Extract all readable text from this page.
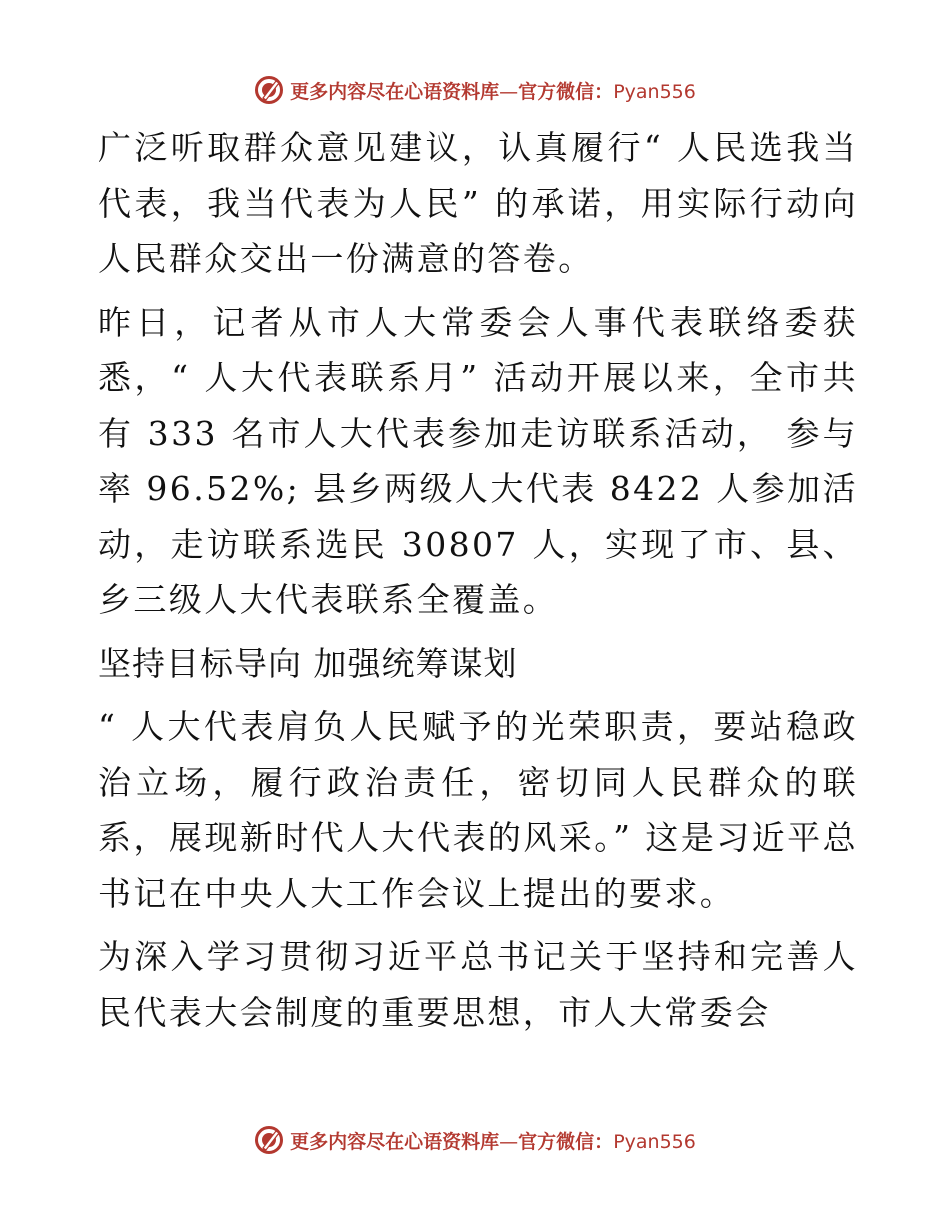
更多内容尽在心语资料库—官方微信：Pyan556

广泛听取群众意见建议，认真履行“ 人民选我当代表，我当代表为人民” 的承诺，用实际行动向人民群众交出一份满意的答卷。

昨日，记者从市人大常委会人事代表联络委获悉，“ 人大代表联系月” 活动开展以来，全市共有 333 名市人大代表参加走访联系活动， 参与率 96.52%; 县乡两级人大代表 8422 人参加活动，走访联系选民 30807 人，实现了市、县、乡三级人大代表联系全覆盖。

坚持目标导向 加强统筹谋划

“ 人大代表肩负人民赋予的光荣职责，要站稳政治立场，履行政治责任，密切同人民群众的联系，展现新时代人大代表的风采。” 这是习近平总书记在中央人大工作会议上提出的要求。

为深入学习贯彻习近平总书记关于坚持和完善人民代表大会制度的重要思想，市人大常委会

更多内容尽在心语资料库—官方微信：Pyan556
